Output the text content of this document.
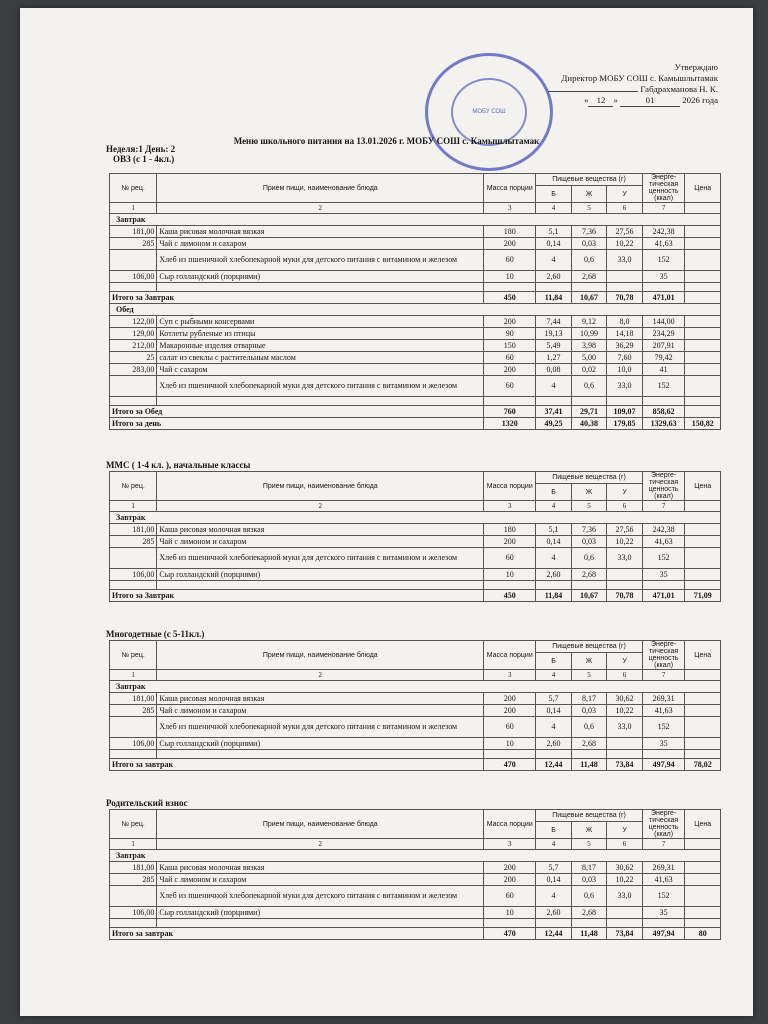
Утверждаю
Директор МОБУ СОШ с. Камышлытамак
Габдрахманова Н. К.
« 12 »	01	2026 года
МОБУ СОШ
Меню школьного питания на 13.01.2026 г. МОБУ СОШ с. Камышлытамак
Неделя:1 День: 2
ОВЗ (с 1 - 4кл.)
№ рец.	Прием пищи, наименование блюда	Масса порции	Пищевые вещества (г)			Энерге-тическая ценность (ккал)	Цена
			Б	Ж	У		
1	2	3	4	5	6	7	
Завтрак							
181,00	Каша рисовая молочная вязкая	180	5,1	7,36	27,56	242,38	
285	Чай с лимоном и сахаром	200	0,14	0,03	10,22	41,63	
	Хлеб из пшеничной хлебопекарной муки для детского питания с витамином и железом	60	4	0,6	33,0	152	
106,00	Сыр голландский (порциями)	10	2,60	2,68		35	

Итого за Завтрак		450	11,84	10,67	70,78	471,01	
Обед							
122,00	Суп с рыбными консервами	200	7,44	9,12	8,0	144,00	
129,00	Котлеты рубленые из птицы	90	19,13	10,99	14,18	234,29	
212,00	Макаронные изделия отварные	150	5,49	3,98	36,29	207,91	
25	салат из свеклы с растительным маслом	60	1,27	5,00	7,60	79,42	
283,00	Чай с сахаром	200	0,08	0,02	10,0	41	
	Хлеб из пшеничной хлебопекарной муки для детского питания с витамином и железом	60	4	0,6	33,0	152	

Итого за Обед		760	37,41	29,71	109,07	858,62	
Итого за день		1320	49,25	40,38	179,85	1329,63	150,82
ММС ( 1-4 кл. ), начальные классы
№ рец.	Прием пищи, наименование блюда	Масса порции	Пищевые вещества (г)			Энерге-тическая ценность (ккал)	Цена
			Б	Ж	У		
1	2	3	4	5	6	7	
Завтрак							
181,00	Каша рисовая молочная вязкая	180	5,1	7,36	27,56	242,38	
285	Чай с лимоном и сахаром	200	0,14	0,03	10,22	41,63	
	Хлеб из пшеничной хлебопекарной муки для детского питания с витамином и железом	60	4	0,6	33,0	152	
106,00	Сыр голландский (порциями)	10	2,60	2,68		35	

Итого за Завтрак		450	11,84	10,67	70,78	471,01	71,09
Многодетные (с 5-11кл.)
№ рец.	Прием пищи, наименование блюда	Масса порции	Пищевые вещества (г)			Энерге-тическая ценность (ккал)	Цена
			Б	Ж	У		
1	2	3	4	5	6	7	
Завтрак							
181,00	Каша рисовая молочная вязкая	200	5,7	8,17	30,62	269,31	
285	Чай с лимоном и сахаром	200	0,14	0,03	10,22	41,63	
	Хлеб из пшеничной хлебопекарной муки для детского питания с витамином и железом	60	4	0,6	33,0	152	
106,00	Сыр голландский (порциями)	10	2,60	2,68		35	

Итого за завтрак		470	12,44	11,48	73,84	497,94	78,02
Родительский взнос
№ рец.	Прием пищи, наименование блюда	Масса порции	Пищевые вещества (г)			Энерге-тическая ценность (ккал)	Цена
			Б	Ж	У		
1	2	3	4	5	6	7	
Завтрак							
181,00	Каша рисовая молочная вязкая	200	5,7	8,17	30,62	269,31	
285	Чай с лимоном и сахаром	200	0,14	0,03	10,22	41,63	
	Хлеб из пшеничной хлебопекарной муки для детского питания с витамином и железом	60	4	0,6	33,0	152	
106,00	Сыр голландский (порциями)	10	2,60	2,68		35	

Итого за завтрак		470	12,44	11,48	73,84	497,94	80
